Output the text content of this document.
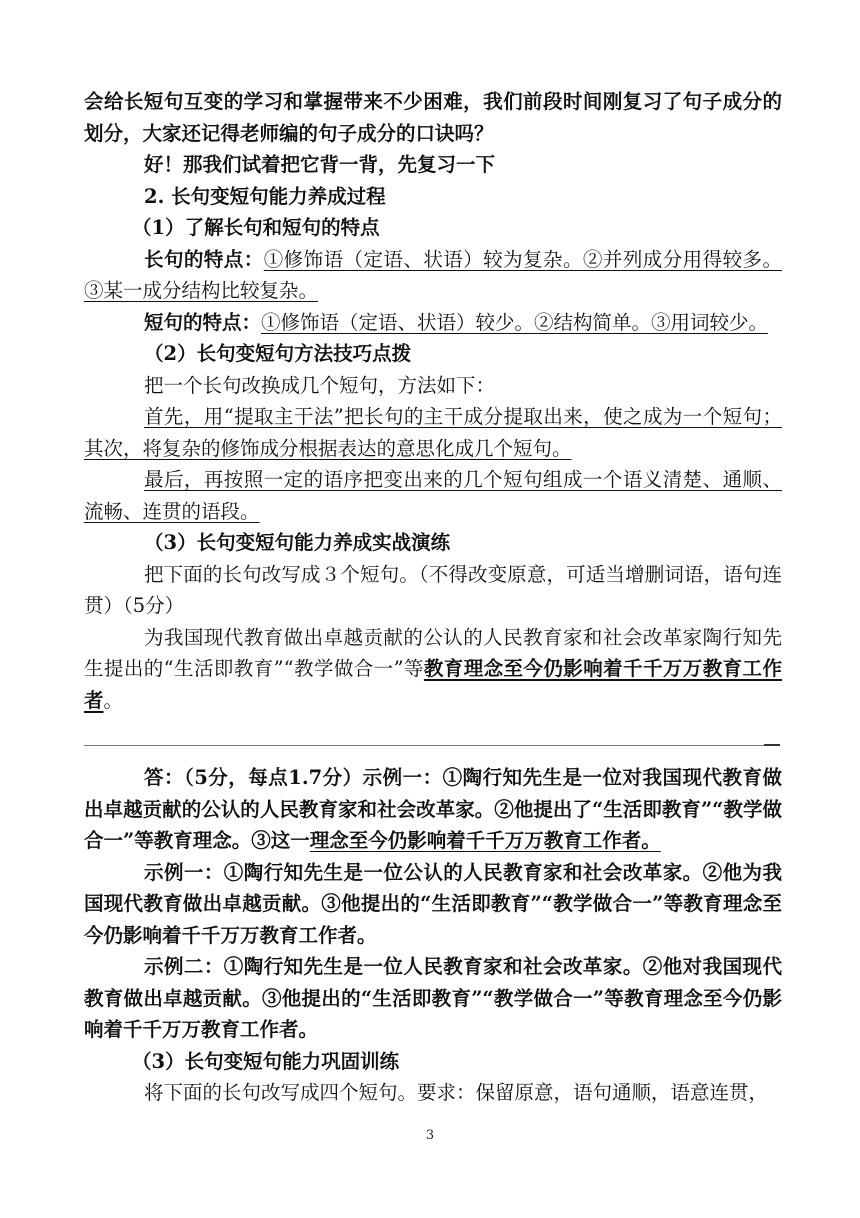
会给长短句互变的学习和掌握带来不少困难，我们前段时间刚复习了句子成分的划分，大家还记得老师编的句子成分的口诀吗？

好！那我们试着把它背一背，先复习一下

2. 长句变短句能力养成过程

（1）了解长句和短句的特点

长句的特点：①修饰语（定语、状语）较为复杂。②并列成分用得较多。③某一成分结构比较复杂。

短句的特点：①修饰语（定语、状语）较少。②结构简单。③用词较少。

（2）长句变短句方法技巧点拨

把一个长句改换成几个短句，方法如下：

首先，用“提取主干法”把长句的主干成分提取出来，使之成为一个短句；其次，将复杂的修饰成分根据表达的意思化成几个短句。

最后，再按照一定的语序把变出来的几个短句组成一个语义清楚、通顺、流畅、连贯的语段。

（3）长句变短句能力养成实战演练

把下面的长句改写成３个短句。（不得改变原意，可适当增删词语，语句连贯）（5分）

为我国现代教育做出卓越贡献的公认的人民教育家和社会改革家陶行知先生提出的“生活即教育”“教学做合一”等教育理念至今仍影响着千千万万教育工作者。

答：（5分，每点1.7分）示例一：①陶行知先生是一位对我国现代教育做出卓越贡献的公认的人民教育家和社会改革家。②他提出了“生活即教育”“教学做合一”等教育理念。③这一理念至今仍影响着千千万万教育工作者。

示例一：①陶行知先生是一位公认的人民教育家和社会改革家。②他为我国现代教育做出卓越贡献。③他提出的“生活即教育”“教学做合一”等教育理念至今仍影响着千千万万教育工作者。

示例二：①陶行知先生是一位人民教育家和社会改革家。②他对我国现代教育做出卓越贡献。③他提出的“生活即教育”“教学做合一”等教育理念至今仍影响着千千万万教育工作者。

（3）长句变短句能力巩固训练

将下面的长句改写成四个短句。要求：保留原意，语句通顺，语意连贯，

3
